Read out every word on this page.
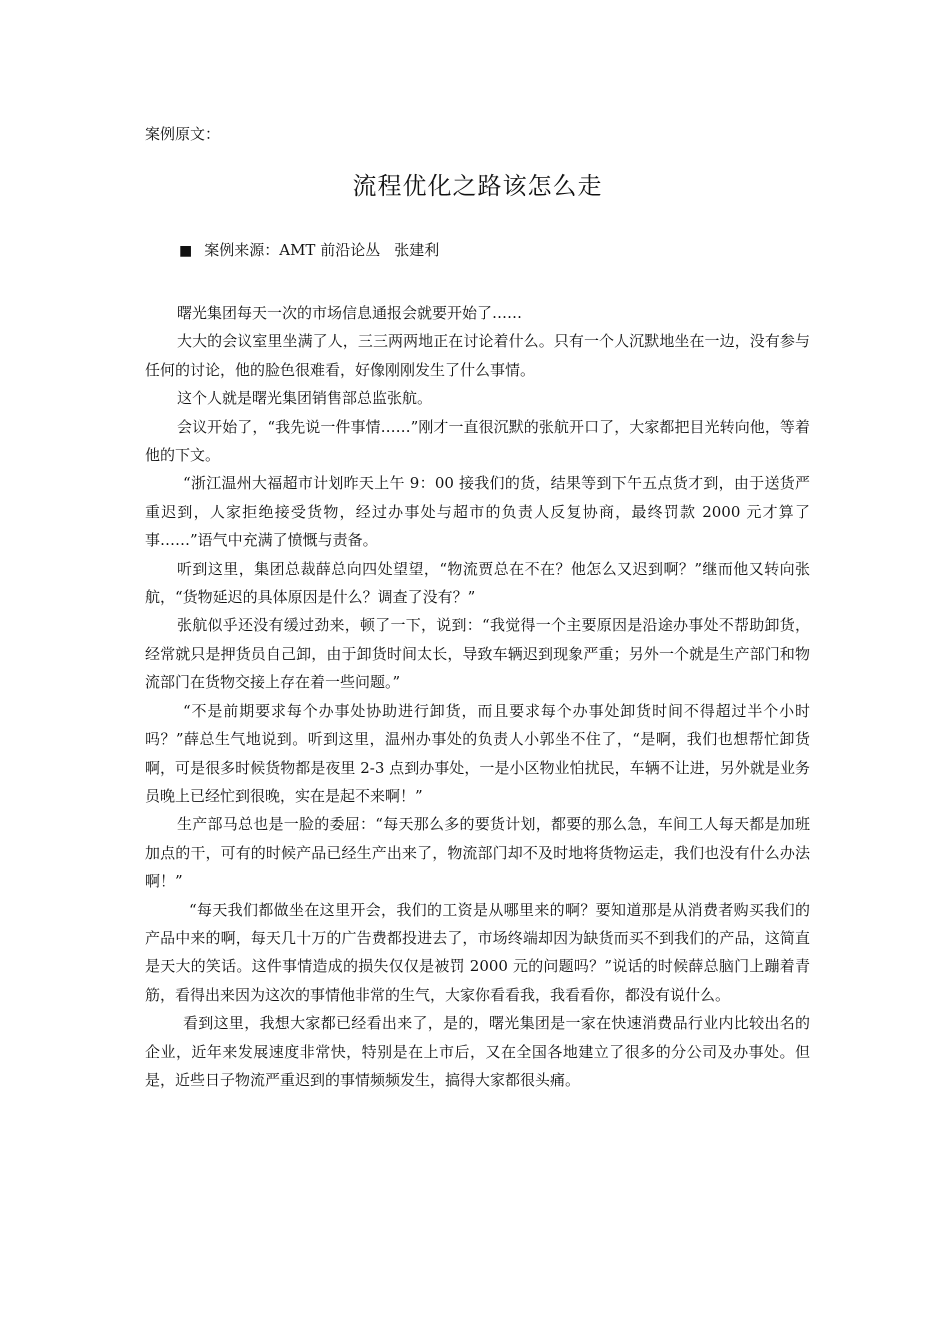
案例原文：

流程优化之路该怎么走

■ 案例来源：AMT 前沿论丛 张建利

曙光集团每天一次的市场信息通报会就要开始了……

大大的会议室里坐满了人，三三两两地正在讨论着什么。只有一个人沉默地坐在一边，没有参与任何的讨论，他的脸色很难看，好像刚刚发生了什么事情。

这个人就是曙光集团销售部总监张航。

会议开始了，“我先说一件事情……”刚才一直很沉默的张航开口了，大家都把目光转向他，等着他的下文。

“浙江温州大福超市计划昨天上午 9：00 接我们的货，结果等到下午五点货才到，由于送货严重迟到，人家拒绝接受货物，经过办事处与超市的负责人反复协商，最终罚款 2000 元才算了事……”语气中充满了愤慨与责备。

听到这里，集团总裁薛总向四处望望，“物流贾总在不在？他怎么又迟到啊？”继而他又转向张航，“货物延迟的具体原因是什么？调查了没有？”

张航似乎还没有缓过劲来，顿了一下，说到：“我觉得一个主要原因是沿途办事处不帮助卸货，经常就只是押货员自己卸，由于卸货时间太长，导致车辆迟到现象严重；另外一个就是生产部门和物流部门在货物交接上存在着一些问题。”

“不是前期要求每个办事处协助进行卸货，而且要求每个办事处卸货时间不得超过半个小时吗？”薛总生气地说到。听到这里，温州办事处的负责人小郭坐不住了，“是啊，我们也想帮忙卸货啊，可是很多时候货物都是夜里 2-3 点到办事处，一是小区物业怕扰民，车辆不让进，另外就是业务员晚上已经忙到很晚，实在是起不来啊！”

生产部马总也是一脸的委屈：“每天那么多的要货计划，都要的那么急，车间工人每天都是加班加点的干，可有的时候产品已经生产出来了，物流部门却不及时地将货物运走，我们也没有什么办法啊！”

“每天我们都做坐在这里开会，我们的工资是从哪里来的啊？要知道那是从消费者购买我们的产品中来的啊，每天几十万的广告费都投进去了，市场终端却因为缺货而买不到我们的产品，这简直是天大的笑话。这件事情造成的损失仅仅是被罚 2000 元的问题吗？”说话的时候薛总脑门上蹦着青筋，看得出来因为这次的事情他非常的生气，大家你看看我，我看看你，都没有说什么。

看到这里，我想大家都已经看出来了，是的，曙光集团是一家在快速消费品行业内比较出名的企业，近年来发展速度非常快，特别是在上市后，又在全国各地建立了很多的分公司及办事处。但是，近些日子物流严重迟到的事情频频发生，搞得大家都很头痛。
